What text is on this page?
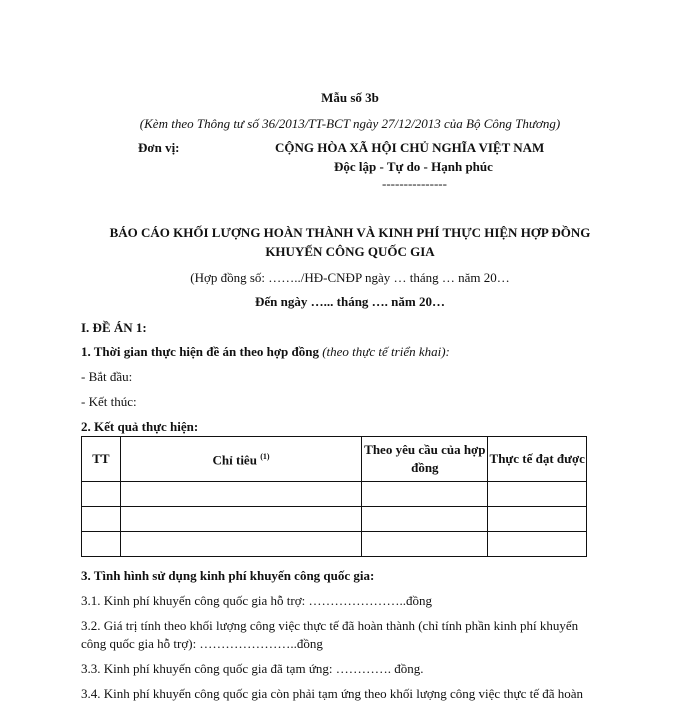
Mẫu số 3b
(Kèm theo Thông tư số 36/2013/TT-BCT ngày 27/12/2013 của Bộ Công Thương)
Đơn vị:	CỘNG HÒA XÃ HỘI CHỦ NGHĨA VIỆT NAM
Độc lập - Tự do - Hạnh phúc
---------------
BÁO CÁO KHỐI LƯỢNG HOÀN THÀNH VÀ KINH PHÍ THỰC HIỆN HỢP ĐỒNG
KHUYẾN CÔNG QUỐC GIA
(Hợp đồng số: ……../HĐ-CNĐP ngày … tháng … năm 20…
Đến ngày …... tháng …. năm 20…
I. ĐỀ ÁN 1:
1. Thời gian thực hiện đề án theo hợp đồng (theo thực tế triển khai):
- Bắt đầu:
- Kết thúc:
2. Kết quả thực hiện:
TT	Chỉ tiêu $^{(1)}$	Theo yêu cầu của hợp đồng	Thực tế đạt được

3. Tình hình sử dụng kinh phí khuyến công quốc gia:
3.1. Kinh phí khuyến công quốc gia hỗ trợ: …………………..đồng
3.2. Giá trị tính theo khối lượng công việc thực tế đã hoàn thành (chỉ tính phần kinh phí khuyến
công quốc gia hỗ trợ): …………………..đồng
3.3. Kinh phí khuyến công quốc gia đã tạm ứng: …………. đồng.
3.4. Kinh phí khuyến công quốc gia còn phải tạm ứng theo khối lượng công việc thực tế đã hoàn
